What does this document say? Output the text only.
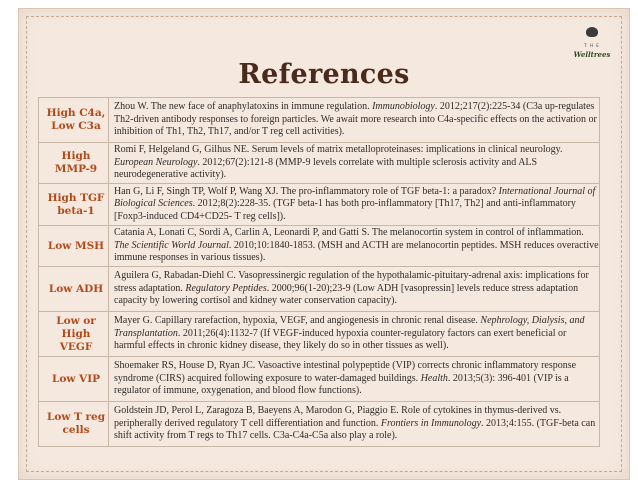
T H E
Welltrees
References
High C4a, Low C3a	Zhou W. The new face of anaphylatoxins in immune regulation. Immunobiology. 2012;217(2):225-34 (C3a up-regulates Th2-driven antibody responses to foreign particles. We await more research into C4a-specific effects on the activation or inhibition of Th1, Th2, Th17, and/or T reg cell activities).
High MMP-9	Romi F, Helgeland G, Gilhus NE. Serum levels of matrix metalloproteinases: implications in clinical neurology. European Neurology. 2012;67(2):121-8 (MMP-9 levels correlate with multiple sclerosis activity and ALS neurodegenerative activity).
High TGF beta-1	Han G, Li F, Singh TP, Wolf P, Wang XJ. The pro-inflammatory role of TGF beta-1: a paradox? International Journal of Biological Sciences. 2012;8(2):228-35. (TGF beta-1 has both pro-inflammatory [Th17, Th2] and anti-inflammatory [Foxp3-induced CD4+CD25- T reg cells]).
Low MSH	Catania A, Lonati C, Sordi A, Carlin A, Leonardi P, and Gatti S. The melanocortin system in control of inflammation. The Scientific World Journal. 2010;10:1840-1853. (MSH and ACTH are melanocortin peptides. MSH reduces overactive immune responses in various tissues).
Low ADH	Aguilera G, Rabadan-Diehl C. Vasopressinergic regulation of the hypothalamic-pituitary-adrenal axis: implications for stress adaptation. Regulatory Peptides. 2000;96(1-20);23-9 (Low ADH [vasopressin] levels reduce stress adaptation capacity by lowering cortisol and kidney water conservation capacity).
Low or High VEGF	Mayer G. Capillary rarefaction, hypoxia, VEGF, and angiogenesis in chronic renal disease. Nephrology, Dialysis, and Transplantation. 2011;26(4):1132-7 (If VEGF-induced hypoxia counter-regulatory factors can exert beneficial or harmful effects in chronic kidney disease, they likely do so in other tissues as well).
Low VIP	Shoemaker RS, House D, Ryan JC. Vasoactive intestinal polypeptide (VIP) corrects chronic inflammatory response syndrome (CIRS) acquired following exposure to water-damaged buildings. Health. 2013;5(3): 396-401 (VIP is a regulator of immune, oxygenation, and blood flow functions).
Low T reg cells	Goldstein JD, Perol L, Zaragoza B, Baeyens A, Marodon G, Piaggio E. Role of cytokines in thymus-derived vs. peripherally derived regulatory T cell differentiation and function. Frontiers in Immunology. 2013;4:155. (TGF-beta can shift activity from T regs to Th17 cells. C3a-C4a-C5a also play a role).
